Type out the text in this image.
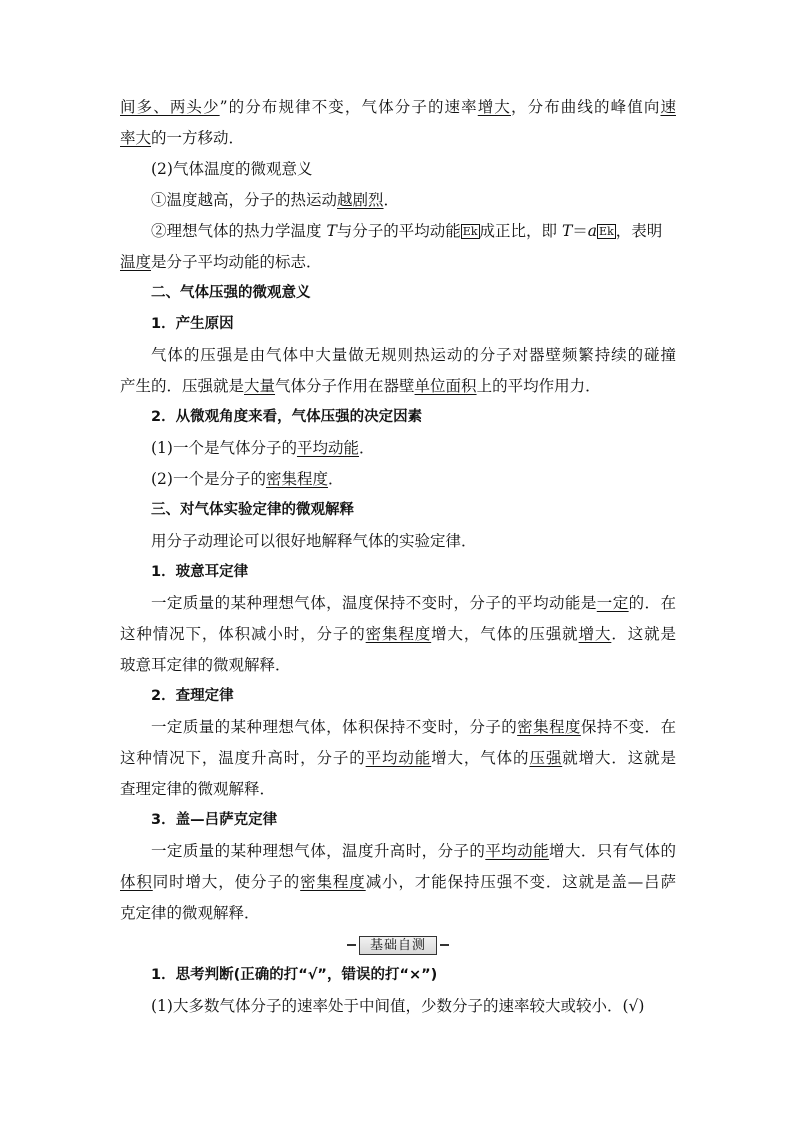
间多、两头少”的分布规律不变，气体分子的速率增大，分布曲线的峰值向速
率大的一方移动．
(2)气体温度的微观意义
①温度越高，分子的热运动越剧烈．
②理想气体的热力学温度 T与分子的平均动能 Ek 成正比，即 T＝a Ek ，表明
温度是分子平均动能的标志．
二、气体压强的微观意义
1．产生原因
气体的压强是由气体中大量做无规则热运动的分子对器壁频繁持续的碰撞
产生的．压强就是大量气体分子作用在器壁单位面积上的平均作用力．
2．从微观角度来看，气体压强的决定因素
(1)一个是气体分子的平均动能．
(2)一个是分子的密集程度．
三、对气体实验定律的微观解释
用分子动理论可以很好地解释气体的实验定律．
1．玻意耳定律
一定质量的某种理想气体，温度保持不变时，分子的平均动能是一定的．在
这种情况下，体积减小时，分子的密集程度增大，气体的压强就增大．这就是
玻意耳定律的微观解释．
2．查理定律
一定质量的某种理想气体，体积保持不变时，分子的密集程度保持不变．在
这种情况下，温度升高时，分子的平均动能增大，气体的压强就增大．这就是
查理定律的微观解释．
3．盖—吕萨克定律
一定质量的某种理想气体，温度升高时，分子的平均动能增大．只有气体的
体积同时增大，使分子的密集程度减小，才能保持压强不变．这就是盖—吕萨
克定律的微观解释．
基础自测
1．思考判断(正确的打“√”，错误的打“×”)
(1)大多数气体分子的速率处于中间值，少数分子的速率较大或较小．(√)
